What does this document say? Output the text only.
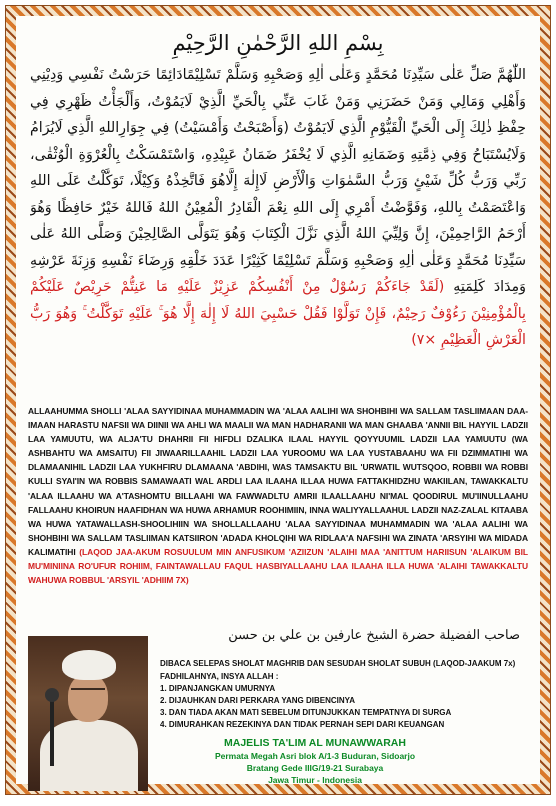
بِسْمِ اللهِ الرَّحْمٰنِ الرَّحِيْمِ
اللّٰهُمَّ صَلِّ عَلٰى سَيِّدِنَا مُحَمَّدٍ وَعَلٰى اٰلِهِ وَصَحْبِهِ وَسَلَّمْ تَسْلِيْمًادَائِمًا حَرَسْتُ نَفْسِي وَدِيْنِي وَأَهْلِي وَمَالِي وَمَنْ حَضَرَنِي وَمَنْ غَابَ عَنِّي بِالْحَيِّ الَّذِيْ لَايَمُوْتُ، وَأَلْجَأْتُ ظَهْرِي فِي حِفْظِ ذٰلِكَ إِلَى الْحَيِّ الْقَيُّوْمِ الَّذِي لَايَمُوْتُ (وَأَصْبَحْتُ وَأَمْسَيْتُ) فِي جِوَارِاللهِ الَّذِي لَايُرَامُ وَلَايُسْتَبَاحُ وَفِي ذِمَّتِهِ وَضَمَانِهِ الَّذِي لَا يُخْفَرُ ضَمَانُ عَبِيْدِهِ، وَاسْتَمْسَكْتُ بِالْعُرْوَةِ الْوُثْقٰى، رَبِّي وَرَبُّ كُلِّ شَيْئٍ وَرَبُّ السَّمٰوَاتِ وَالْأَرْضِ لَاإِلٰهَ إِلَّاهُوَ فَاتَّخِذْهُ وَكِيْلًا، تَوَكَّلْتُ عَلَى اللهِ وَاعْتَصَمْتُ بِاللهِ، وَفَوَّضْتُ أَمْرِي إِلَى اللهِ نِعْمَ الْقَادِرُ الْمُعِيْنُ اللهُ فَاللهُ خَيْرٌ حَافِظًا وَهُوَ أَرْحَمُ الرَّاحِمِيْنَ، إِنَّ وَلِيِّيَ اللهُ الَّذِي نَزَّلَ الْكِتَابَ وَهُوَ يَتَوَلَّى الصَّالِحِيْنَ وَصَلَّى اللهُ عَلٰى سَيِّدِنَا مُحَمَّدٍ وَعَلٰى اٰلِهِ وَصَحْبِهِ وَسَلَّمَ تَسْلِيْمًا كَثِيْرًا عَدَدَ خَلْقِهِ وَرِضَاءَ نَفْسِهِ وَزِنَةَ عَرْشِهِ وَمِدَادَ كَلِمَتِهِ (لَقَدْ جَاءَكُمْ رَسُوْلٌ مِنْ أَنْفُسِكُمْ عَزِيْزٌ عَلَيْهِ مَا عَنِتُّمْ حَرِيْصٌ عَلَيْكُمْ بِالْمُؤْمِنِيْنَ رَءُوْفٌ رَحِيْمٌ، فَإِنْ تَوَلَّوْا فَقُلْ حَسْبِيَ اللهُ لَا إِلٰهَ إِلَّا هُوَ ۚ عَلَيْهِ تَوَكَّلْتُ ۚ وَهُوَ رَبُّ الْعَرْشِ الْعَظِيْمِ ×٧)
ALLAAHUMMA SHOLLI 'ALAA SAYYIDINAA MUHAMMADIN WA 'ALAA AALIHI WA SHOHBIHI WA SALLAM TASLIIMAAN DAA-IMAAN HARASTU NAFSII WA DIINII WA AHLI WA MAALII WA MAN HADHARANII WA MAN GHAABA 'ANNII BIL HAYYIL LADZII LAA YAMUUTU, WA ALJA'TU DHAHRII FII HIFDLI DZALIKA ILAAL HAYYIL QOYYUUMIL LADZII LAA YAMUUTU (WA ASHBAHTU WA AMSAITU) FII JIWAARILLAAHIL LADZII LAA YUROOMU WA LAA YUSTABAAHU WA FII DZIMMATIHI WA DLAMAANIHIL LADZII LAA YUKHFIRU DLAMAANA 'ABDIHI, WAS TAMSAKTU BIL 'URWATIL WUTSQOO, ROBBII WA ROBBI KULLI SYAI'IN WA ROBBIS SAMAWAATI WAL ARDLI LAA ILAAHA ILLAA HUWA FATTAKHIDZHU WAKIILAN, TAWAKKALTU 'ALAA ILLAAHU WA A'TASHOMTU BILLAAHI WA FAWWADLTU AMRII ILAALLAAHU NI'MAL QOODIRUL MU'IINULLAAHU FALLAAHU KHOIRUN HAAFIDHAN WA HUWA ARHAMUR ROOHIMIIN, INNA WALIYYALLAAHUL LADZII NAZ-ZALAL KITAABA WA HUWA YATAWALLASH-SHOOLIHIIN WA SHOLLALLAAHU 'ALAA SAYYIDINAA MUHAMMADIN WA 'ALAA AALIHI WA SHOHBIHI WA SALLAM TASLIIMAN KATSIIRON 'ADADA KHOLQIHI WA RIDLAA'A NAFSIHI WA ZINATA 'ARSYIHI WA MIDADA KALIMATIHI (LAQOD JAA-AKUM ROSUULUM MIN ANFUSIKUM 'AZIIZUN 'ALAIHI MAA 'ANITTUM HARIISUN 'ALAIKUM BIL MU'MINIINA RO'UFUR ROHIIM, FAINTAWALLAU FAQUL HASBIYALLAAHU LAA ILAAHA ILLA HUWA 'ALAIHI TAWAKKALTU WAHUWA ROBBUL 'ARSYIL 'ADHIIM 7X)
صاحب الفضيلة حضرة الشيخ عارفين بن علي بن حسن
DIBACA SELEPAS SHOLAT MAGHRIB DAN SESUDAH SHOLAT SUBUH (LAQOD-JAAKUM 7x)
FADHILAHNYA, INSYA ALLAH :
1. DIPANJANGKAN UMURNYA
2. DIJAUHKAN DARI PERKARA YANG DIBENCINYA
3. DAN TIADA AKAN MATI SEBELUM DITUNJUKKAN TEMPATNYA DI SURGA
4. DIMURAHKAN REZEKINYA DAN TIDAK PERNAH SEPI DARI KEUANGAN
MAJELIS TA'LIM AL MUNAWWARAH
Permata Megah Asri blok A/1-3 Buduran, Sidoarjo
Bratang Gede IIIG/19-21 Surabaya
Jawa Timur - Indonesia
